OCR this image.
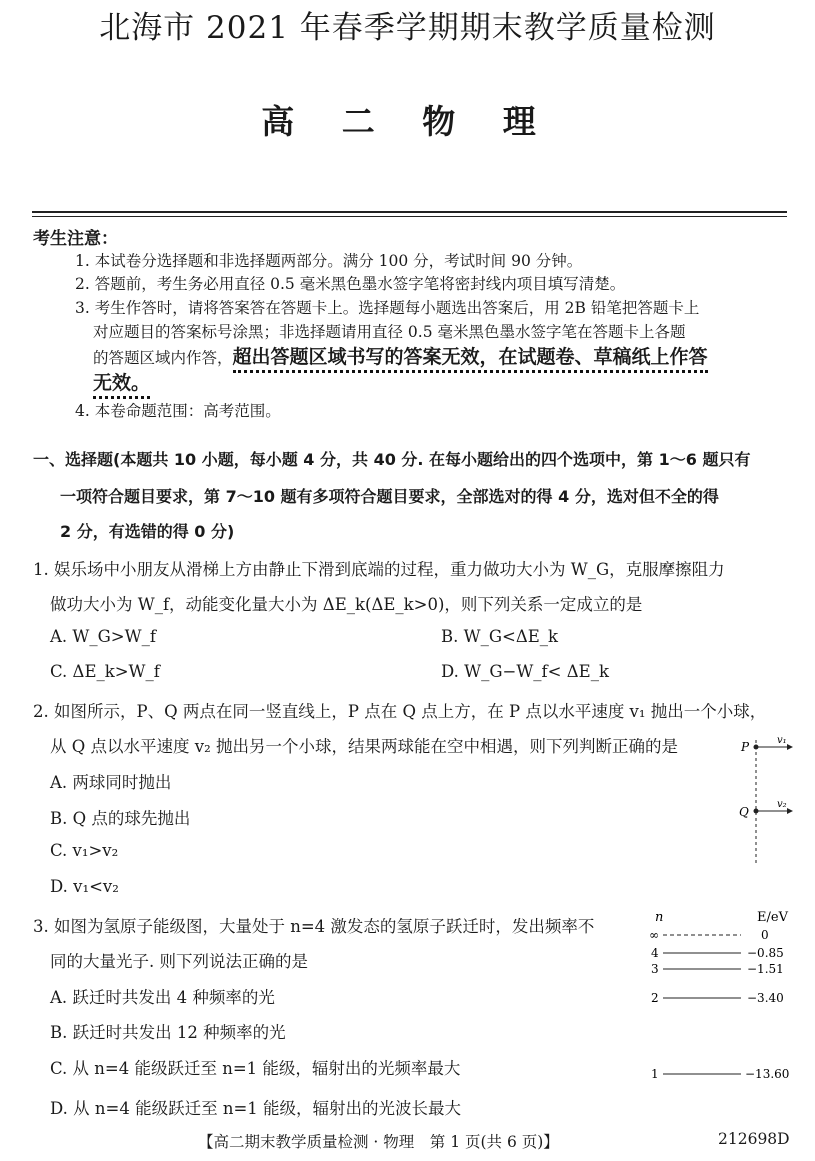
北海市 2021 年春季学期期末教学质量检测
高 二 物 理
考生注意：
1. 本试卷分选择题和非选择题两部分。满分 100 分，考试时间 90 分钟。
2. 答题前，考生务必用直径 0.5 毫米黑色墨水签字笔将密封线内项目填写清楚。
3. 考生作答时，请将答案答在答题卡上。选择题每小题选出答案后，用 2B 铅笔把答题卡上
对应题目的答案标号涂黑；非选择题请用直径 0.5 毫米黑色墨水签字笔在答题卡上各题
的答题区域内作答，超出答题区域书写的答案无效，在试题卷、草稿纸上作答
无效。
4. 本卷命题范围：高考范围。
一、选择题(本题共 10 小题，每小题 4 分，共 40 分. 在每小题给出的四个选项中，第 1～6 题只有
一项符合题目要求，第 7～10 题有多项符合题目要求，全部选对的得 4 分，选对但不全的得
2 分，有选错的得 0 分)
1. 娱乐场中小朋友从滑梯上方由静止下滑到底端的过程，重力做功大小为 W_G，克服摩擦阻力
做功大小为 W_f，动能变化量大小为 ΔE_k(ΔE_k>0)，则下列关系一定成立的是
A. W_G>W_f	B. W_G<ΔE_k
C. ΔE_k>W_f	D. W_G−W_f< ΔE_k
2. 如图所示，P、Q 两点在同一竖直线上，P 点在 Q 点上方，在 P 点以水平速度 v₁ 抛出一个小球，
从 Q 点以水平速度 v₂ 抛出另一个小球，结果两球能在空中相遇，则下列判断正确的是
A. 两球同时抛出
B. Q 点的球先抛出
C. v₁>v₂
D. v₁<v₂
P
Q
v₁
v₂
3. 如图为氢原子能级图，大量处于 n=4 激发态的氢原子跃迁时，发出频率不
同的大量光子. 则下列说法正确的是
A. 跃迁时共发出 4 种频率的光
B. 跃迁时共发出 12 种频率的光
C. 从 n=4 能级跃迁至 n=1 能级，辐射出的光频率最大
D. 从 n=4 能级跃迁至 n=1 能级，辐射出的光波长最大
n	E/eV
∞	0
4	−0.85
3	−1.51
2	−3.40
1	−13.60
【高二期末教学质量检测 · 物理　第 1 页(共 6 页)】	212698D
